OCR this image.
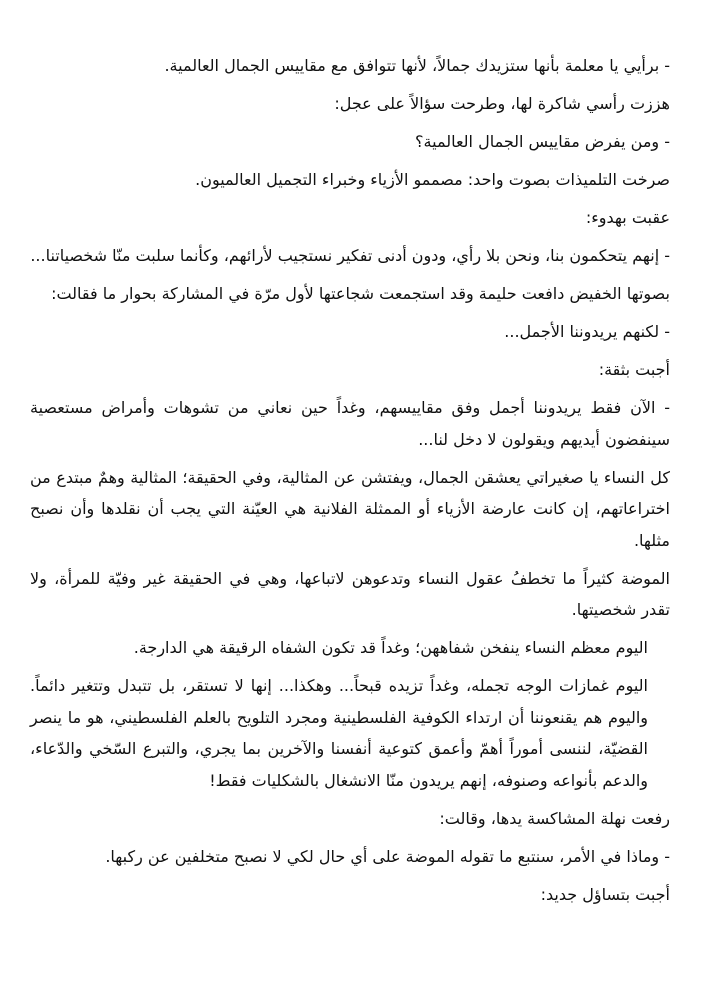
- برأيي يا معلمة بأنها ستزيدك جمالاً، لأنها تتوافق مع مقاييس الجمال العالمية.

هززت رأسي شاكرة لها، وطرحت سؤالاً على عجل:

- ومن يفرض مقاييس الجمال العالمية؟

صرخت التلميذات بصوت واحد: مصممو الأزياء وخبراء التجميل العالميون.

عقبت بهدوء:

- إنهم يتحكمون بنا، ونحن بلا رأي، ودون أدنى تفكير نستجيب لأرائهم، وكأنما سلبت منّا شخصياتنا...

بصوتها الخفيض دافعت حليمة وقد استجمعت شجاعتها لأول مرّة في المشاركة بحوار ما فقالت:

- لكنهم يريدوننا الأجمل...

أجبت بثقة:

- الآن فقط يريدوننا أجمل وفق مقاييسهم، وغداً حين نعاني من تشوهات وأمراض مستعصية سينفضون أيديهم ويقولون لا دخل لنا...

كل النساء يا صغيراتي يعشقن الجمال، ويفتشن عن المثالية، وفي الحقيقة؛ المثالية وهمٌ مبتدع من اختراعاتهم، إن كانت عارضة الأزياء أو الممثلة الفلانية هي العيّنة التي يجب أن نقلدها وأن نصبح مثلها.

الموضة كثيراً ما تخطفُ عقول النساء وتدعوهن لاتباعها، وهي في الحقيقة غير وفيّة للمرأة، ولا تقدر شخصيتها.

اليوم معظم النساء ينفخن شفاههن؛ وغداً قد تكون الشفاه الرقيقة هي الدارجة.

اليوم غمازات الوجه تجمله، وغداً تزيده قبحاً... وهكذا... إنها لا تستقر، بل تتبدل وتتغير دائماً. واليوم هم يقنعوننا أن ارتداء الكوفية الفلسطينية ومجرد التلويح بالعلم الفلسطيني، هو ما ينصر القضيّة، لننسى أموراً أهمّ وأعمق كتوعية أنفسنا والآخرين بما يجري، والتبرع السّخي والدّعاء، والدعم بأنواعه وصنوفه، إنهم يريدون منّا الانشغال بالشكليات فقط!

رفعت نهلة المشاكسة يدها، وقالت:

- وماذا في الأمر، سنتبع ما تقوله الموضة على أي حال لكي لا نصبح متخلفين عن ركبها.

أجبت بتساؤل جديد:
